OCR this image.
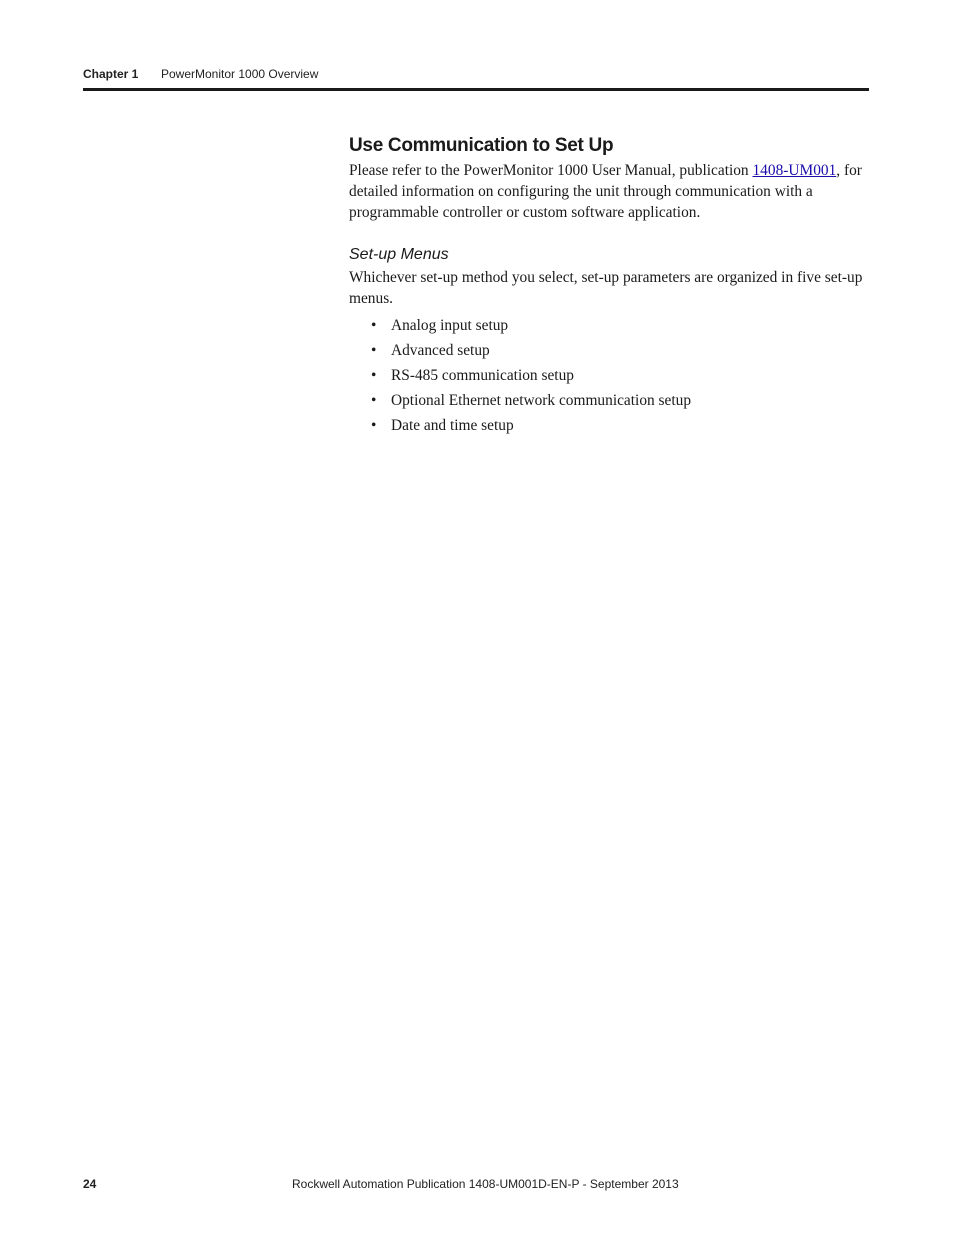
Chapter 1 PowerMonitor 1000 Overview
Use Communication to Set Up

Please refer to the PowerMonitor 1000 User Manual, publication 1408-UM001, for detailed information on configuring the unit through communication with a programmable controller or custom software application.

Set-up Menus

Whichever set-up method you select, set-up parameters are organized in five set-up menus.

• Analog input setup
• Advanced setup
• RS-485 communication setup
• Optional Ethernet network communication setup
• Date and time setup
24	Rockwell Automation Publication 1408-UM001D-EN-P - September 2013
